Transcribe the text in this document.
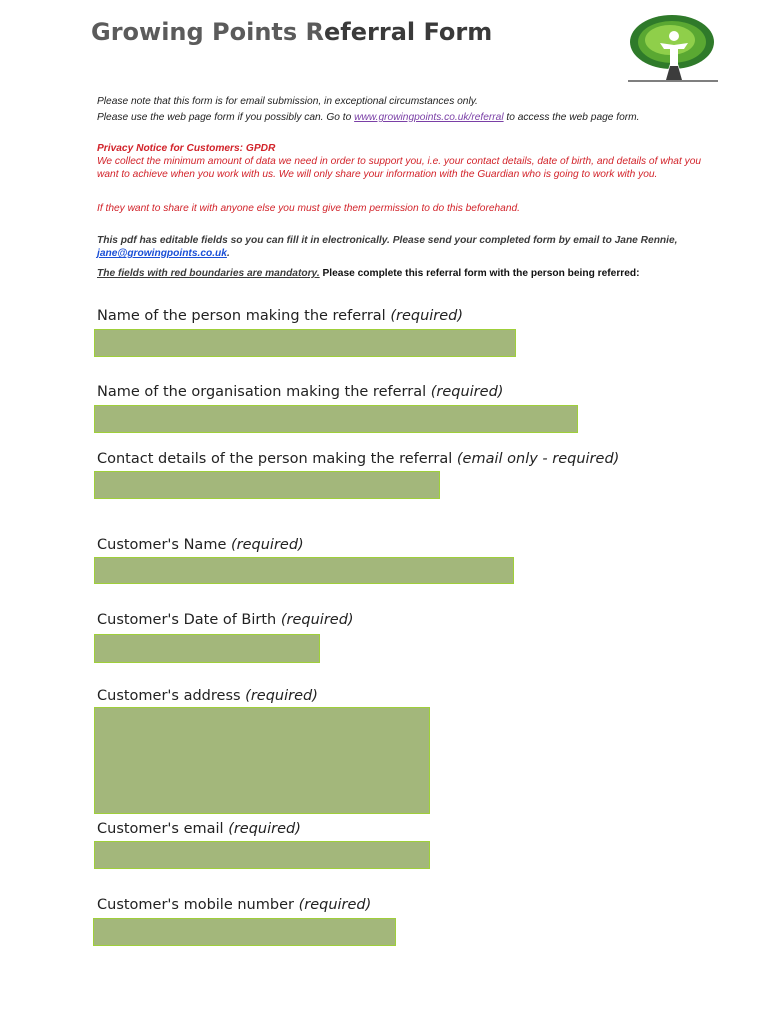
Growing Points Referral Form
Please note that this form is for email submission, in exceptional circumstances only.
Please use the web page form if you possibly can. Go to www.growingpoints.co.uk/referral to access the web page form.
Privacy Notice for Customers: GPDR
We collect the minimum amount of data we need in order to support you, i.e. your contact details, date of birth, and details of what you want to achieve when you work with us. We will only share your information with the Guardian who is going to work with you.
If they want to share it with anyone else you must give them permission to do this beforehand.
This pdf has editable fields so you can fill it in electronically. Please send your completed form by email to Jane Rennie, jane@growingpoints.co.uk.
The fields with red boundaries are mandatory. Please complete this referral form with the person being referred:
Name of the person making the referral (required)
Name of the organisation making the referral (required)
Contact details of the person making the referral (email only - required)
Customer's Name (required)
Customer's Date of Birth (required)
Customer's address (required)
Customer's email (required)
Customer's mobile number (required)
